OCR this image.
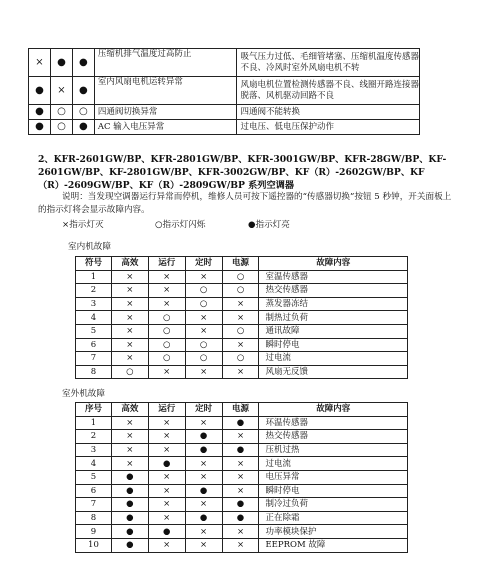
×	●	●	压缩机排气温度过高防止	吸气压力过低、毛细管堵塞、压缩机温度传感器不良、冷风时室外风扇电机不转
●	×	●	室内风扇电机运转异常	风扇电机位置检测传感器不良、线圈开路连接器脱落、风机驱动回路不良
●	○	○	四通阀切换异常	四通阀不能转换
●	○	●	AC 输入电压异常	过电压、低电压保护动作
2、KFR-2601GW/BP、KFR-2801GW/BP、KFR-3001GW/BP、KFR-28GW/BP、KF-2601GW/BP、KF-2801GW/BP、KFR-3002GW/BP、KF（R）-2602GW/BP、KF（R）-2609GW/BP、KF（R）-2809GW/BP 系列空调器
说明：当发现空调器运行异常而停机，维修人员可按下遥控器的“传感器切换”按钮 5 秒钟，开关面板上
的指示灯将会显示故障内容。
×指示灯灭	○指示灯闪烁	●指示灯亮
室内机故障
符号	高效	运行	定时	电源	故障内容
1	×	×	×	○	室温传感器
2	×	×	○	○	热交传感器
3	×	×	○	×	蒸发器冻结
4	×	○	×	×	制热过负荷
5	×	○	×	○	通讯故障
6	×	○	○	×	瞬时停电
7	×	○	○	○	过电流
8	○	×	×	×	风扇无反馈
室外机故障
序号	高效	运行	定时	电源	故障内容
1	×	×	×	●	环温传感器
2	×	×	●	×	热交传感器
3	×	×	●	●	压机过热
4	×	●	×	×	过电流
5	●	×	×	×	电压异常
6	●	×	●	×	瞬时停电
7	●	×	×	●	制冷过负荷
8	●	×	●	●	正在除霜
9	●	●	×	×	功率模块保护
10	●	×	×	×	EEPROM 故障
